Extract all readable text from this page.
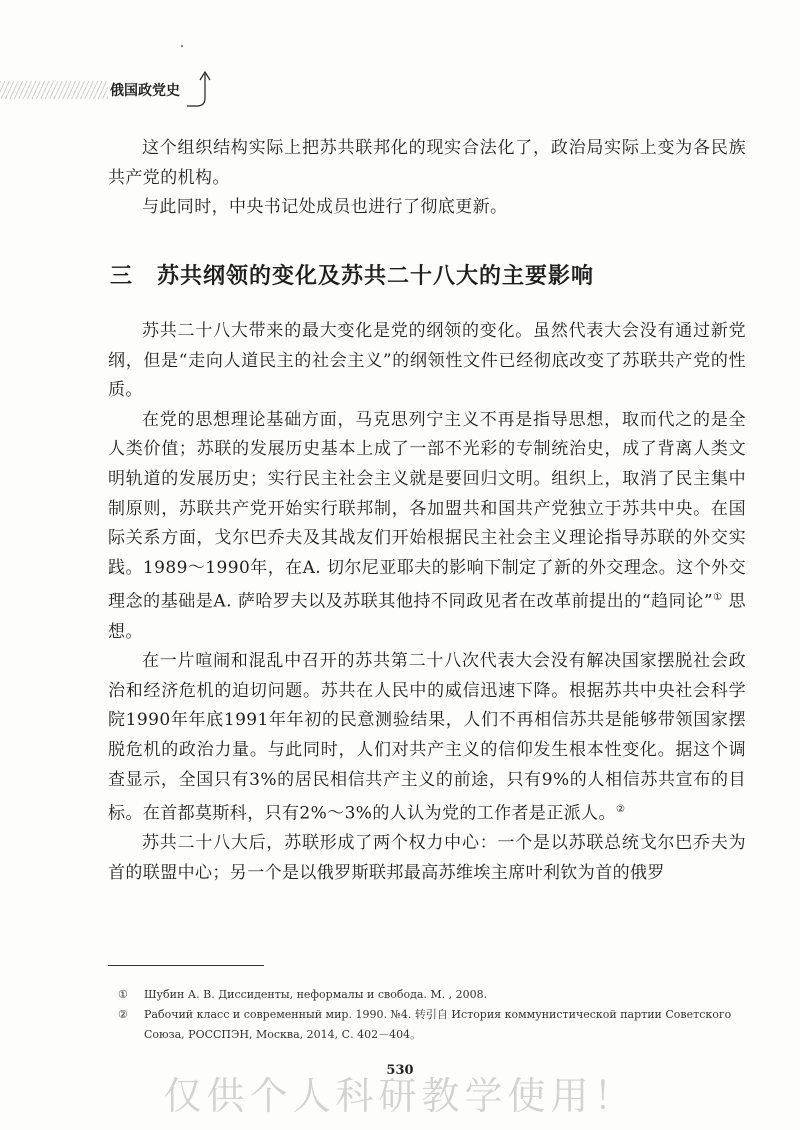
俄国政党史

这个组织结构实际上把苏共联邦化的现实合法化了，政治局实际上变为各民族共产党的机构。

与此同时，中央书记处成员也进行了彻底更新。

三 苏共纲领的变化及苏共二十八大的主要影响

苏共二十八大带来的最大变化是党的纲领的变化。虽然代表大会没有通过新党纲，但是“走向人道民主的社会主义”的纲领性文件已经彻底改变了苏联共产党的性质。

在党的思想理论基础方面，马克思列宁主义不再是指导思想，取而代之的是全人类价值；苏联的发展历史基本上成了一部不光彩的专制统治史，成了背离人类文明轨道的发展历史；实行民主社会主义就是要回归文明。组织上，取消了民主集中制原则，苏联共产党开始实行联邦制，各加盟共和国共产党独立于苏共中央。在国际关系方面，戈尔巴乔夫及其战友们开始根据民主社会主义理论指导苏联的外交实践。1989～1990年，在A. 切尔尼亚耶夫的影响下制定了新的外交理念。这个外交理念的基础是A. 萨哈罗夫以及苏联其他持不同政见者在改革前提出的“趋同论”① 思想。

在一片喧闹和混乱中召开的苏共第二十八次代表大会没有解决国家摆脱社会政治和经济危机的迫切问题。苏共在人民中的威信迅速下降。根据苏共中央社会科学院1990年年底1991年年初的民意测验结果，人们不再相信苏共是能够带领国家摆脱危机的政治力量。与此同时，人们对共产主义的信仰发生根本性变化。据这个调查显示，全国只有3%的居民相信共产主义的前途，只有9%的人相信苏共宣布的目标。在首都莫斯科，只有2%～3%的人认为党的工作者是正派人。②

苏共二十八大后，苏联形成了两个权力中心：一个是以苏联总统戈尔巴乔夫为首的联盟中心；另一个是以俄罗斯联邦最高苏维埃主席叶利钦为首的俄罗

①	Шубин А. В. Диссиденты, неформалы и свобода. М. , 2008.
②	Рабочий класс и современный мир. 1990. №4. 转引自 История коммунистической партии Советского Союза, РОССПЭН, Москва, 2014, С. 402－404。
仅供个人科研教学使用！
530
